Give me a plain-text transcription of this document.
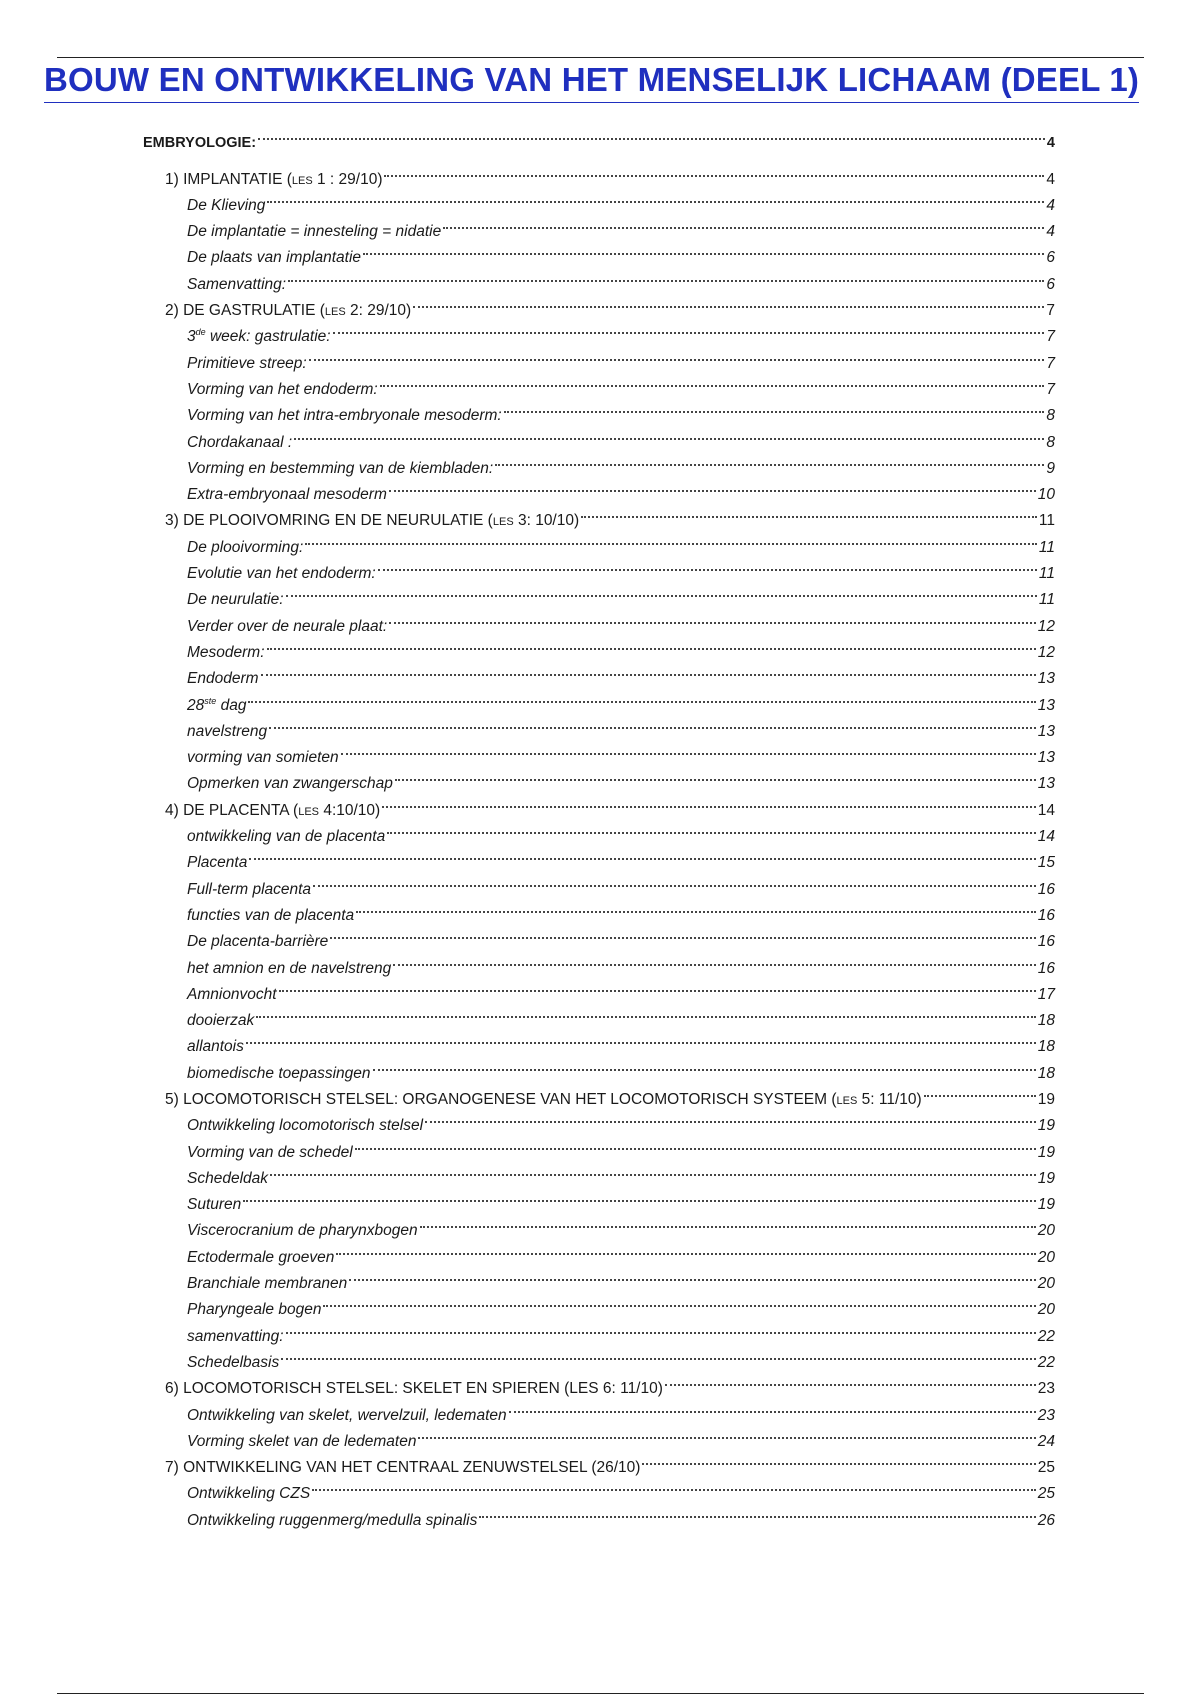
BOUW EN ONTWIKKELING VAN HET MENSELIJK LICHAAM (DEEL 1)
EMBRYOLOGIE:	4
1) IMPLANTATIE (LES 1 : 29/10)	4
De Klieving	4
De implantatie = innesteling = nidatie	4
De plaats van implantatie	6
Samenvatting:	6
2) DE GASTRULATIE (LES 2: 29/10)	7
3de week: gastrulatie:	7
Primitieve streep:	7
Vorming van het endoderm:	7
Vorming van het intra-embryonale mesoderm:	8
Chordakanaal :	8
Vorming en bestemming van de kiembladen:	9
Extra-embryonaal mesoderm	10
3) DE PLOOIVOMRING EN DE NEURULATIE (LES 3: 10/10)	11
De plooivorming:	11
Evolutie van het endoderm:	11
De neurulatie:	11
Verder over de neurale plaat:	12
Mesoderm:	12
Endoderm	13
28ste dag	13
navelstreng	13
vorming van somieten	13
Opmerken van zwangerschap	13
4) DE PLACENTA (LES 4:10/10)	14
ontwikkeling van de placenta	14
Placenta	15
Full-term placenta	16
functies van de placenta	16
De placenta-barrière	16
het amnion en de navelstreng	16
Amnionvocht	17
dooierzak	18
allantois	18
biomedische toepassingen	18
5) LOCOMOTORISCH STELSEL: ORGANOGENESE VAN HET LOCOMOTORISCH SYSTEEM (LES 5: 11/10)	19
Ontwikkeling locomotorisch stelsel	19
Vorming van de schedel	19
Schedeldak	19
Suturen	19
Viscerocranium de pharynxbogen	20
Ectodermale groeven	20
Branchiale membranen	20
Pharyngeale bogen	20
samenvatting:	22
Schedelbasis	22
6) LOCOMOTORISCH STELSEL: SKELET EN SPIEREN (LES 6: 11/10)	23
Ontwikkeling van skelet, wervelzuil, ledematen	23
Vorming skelet van de ledematen	24
7) ONTWIKKELING VAN HET CENTRAAL ZENUWSTELSEL (26/10)	25
Ontwikkeling CZS	25
Ontwikkeling ruggenmerg/medulla spinalis	26
